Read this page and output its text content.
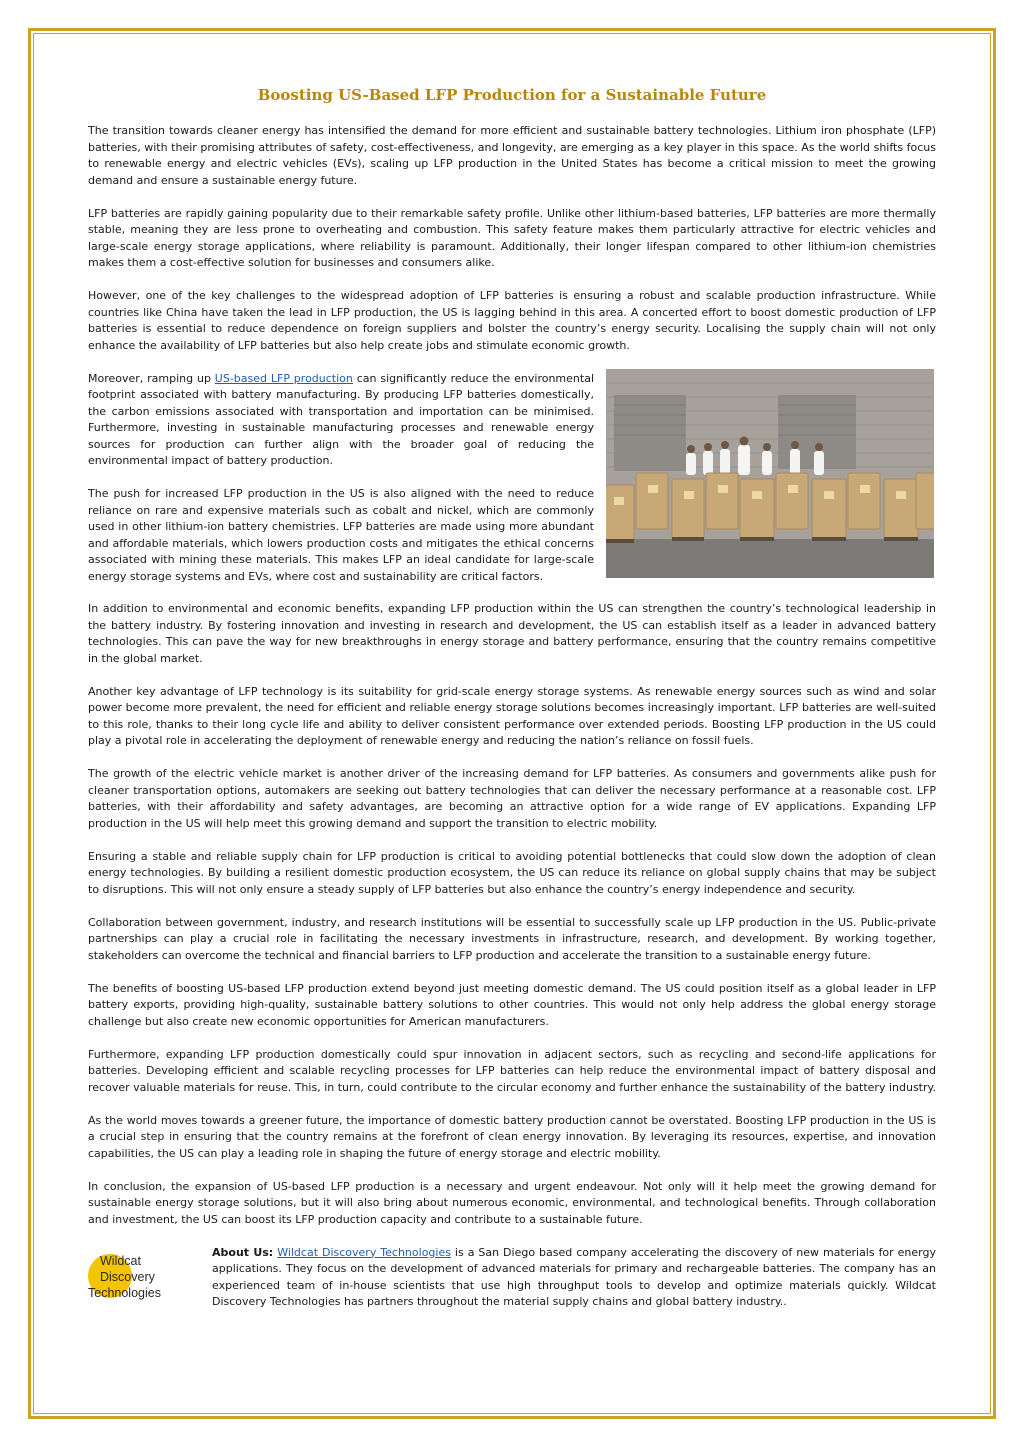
Boosting US-Based LFP Production for a Sustainable Future

The transition towards cleaner energy has intensified the demand for more efficient and sustainable battery technologies. Lithium iron phosphate (LFP) batteries, with their promising attributes of safety, cost-effectiveness, and longevity, are emerging as a key player in this space. As the world shifts focus to renewable energy and electric vehicles (EVs), scaling up LFP production in the United States has become a critical mission to meet the growing demand and ensure a sustainable energy future.

LFP batteries are rapidly gaining popularity due to their remarkable safety profile. Unlike other lithium-based batteries, LFP batteries are more thermally stable, meaning they are less prone to overheating and combustion. This safety feature makes them particularly attractive for electric vehicles and large-scale energy storage applications, where reliability is paramount. Additionally, their longer lifespan compared to other lithium-ion chemistries makes them a cost-effective solution for businesses and consumers alike.

However, one of the key challenges to the widespread adoption of LFP batteries is ensuring a robust and scalable production infrastructure. While countries like China have taken the lead in LFP production, the US is lagging behind in this area. A concerted effort to boost domestic production of LFP batteries is essential to reduce dependence on foreign suppliers and bolster the country’s energy security. Localising the supply chain will not only enhance the availability of LFP batteries but also help create jobs and stimulate economic growth.

Moreover, ramping up US-based LFP production can significantly reduce the environmental footprint associated with battery manufacturing. By producing LFP batteries domestically, the carbon emissions associated with transportation and importation can be minimised. Furthermore, investing in sustainable manufacturing processes and renewable energy sources for production can further align with the broader goal of reducing the environmental impact of battery production.

The push for increased LFP production in the US is also aligned with the need to reduce reliance on rare and expensive materials such as cobalt and nickel, which are commonly used in other lithium-ion battery chemistries. LFP batteries are made using more abundant and affordable materials, which lowers production costs and mitigates the ethical concerns associated with mining these materials. This makes LFP an ideal candidate for large-scale energy storage systems and EVs, where cost and sustainability are critical factors.

In addition to environmental and economic benefits, expanding LFP production within the US can strengthen the country’s technological leadership in the battery industry. By fostering innovation and investing in research and development, the US can establish itself as a leader in advanced battery technologies. This can pave the way for new breakthroughs in energy storage and battery performance, ensuring that the country remains competitive in the global market.

Another key advantage of LFP technology is its suitability for grid-scale energy storage systems. As renewable energy sources such as wind and solar power become more prevalent, the need for efficient and reliable energy storage solutions becomes increasingly important. LFP batteries are well-suited to this role, thanks to their long cycle life and ability to deliver consistent performance over extended periods. Boosting LFP production in the US could play a pivotal role in accelerating the deployment of renewable energy and reducing the nation’s reliance on fossil fuels.

The growth of the electric vehicle market is another driver of the increasing demand for LFP batteries. As consumers and governments alike push for cleaner transportation options, automakers are seeking out battery technologies that can deliver the necessary performance at a reasonable cost. LFP batteries, with their affordability and safety advantages, are becoming an attractive option for a wide range of EV applications. Expanding LFP production in the US will help meet this growing demand and support the transition to electric mobility.

Ensuring a stable and reliable supply chain for LFP production is critical to avoiding potential bottlenecks that could slow down the adoption of clean energy technologies. By building a resilient domestic production ecosystem, the US can reduce its reliance on global supply chains that may be subject to disruptions. This will not only ensure a steady supply of LFP batteries but also enhance the country’s energy independence and security.

Collaboration between government, industry, and research institutions will be essential to successfully scale up LFP production in the US. Public-private partnerships can play a crucial role in facilitating the necessary investments in infrastructure, research, and development. By working together, stakeholders can overcome the technical and financial barriers to LFP production and accelerate the transition to a sustainable energy future.

The benefits of boosting US-based LFP production extend beyond just meeting domestic demand. The US could position itself as a global leader in LFP battery exports, providing high-quality, sustainable battery solutions to other countries. This would not only help address the global energy storage challenge but also create new economic opportunities for American manufacturers.

Furthermore, expanding LFP production domestically could spur innovation in adjacent sectors, such as recycling and second-life applications for batteries. Developing efficient and scalable recycling processes for LFP batteries can help reduce the environmental impact of battery disposal and recover valuable materials for reuse. This, in turn, could contribute to the circular economy and further enhance the sustainability of the battery industry.

As the world moves towards a greener future, the importance of domestic battery production cannot be overstated. Boosting LFP production in the US is a crucial step in ensuring that the country remains at the forefront of clean energy innovation. By leveraging its resources, expertise, and innovation capabilities, the US can play a leading role in shaping the future of energy storage and electric mobility.

In conclusion, the expansion of US-based LFP production is a necessary and urgent endeavour. Not only will it help meet the growing demand for sustainable energy storage solutions, but it will also bring about numerous economic, environmental, and technological benefits. Through collaboration and investment, the US can boost its LFP production capacity and contribute to a sustainable future.

Wildcat
Discovery
Technologies

About Us: Wildcat Discovery Technologies is a San Diego based company accelerating the discovery of new materials for energy applications. They focus on the development of advanced materials for primary and rechargeable batteries. The company has an experienced team of in-house scientists that use high throughput tools to develop and optimize materials quickly. Wildcat Discovery Technologies has partners throughout the material supply chains and global battery industry..
